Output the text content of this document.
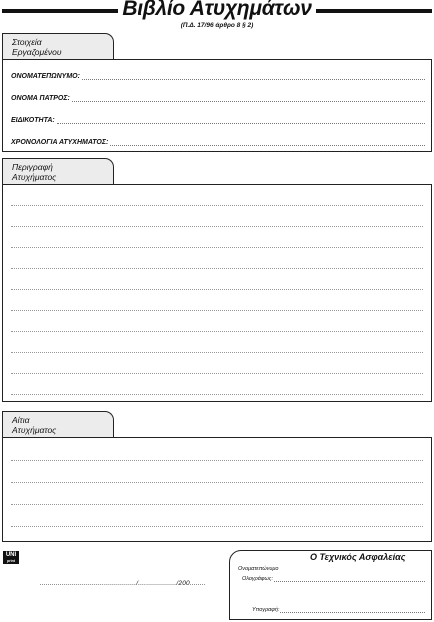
Βιβλίο Ατυχημάτων
(Π.Δ. 17/96 άρθρο 8 § 2)
Στοιχεία
Εργαζομένου
ΟΝΟΜΑΤΕΠΩΝΥΜΟ:
ΟΝΟΜΑ ΠΑΤΡΟΣ:
ΕΙΔΙΚΟΤΗΤΑ:
ΧΡΟΝΟΛΟΓΙΑ ΑΤΥΧΗΜΑΤΟΣ:
Περιγραφή
Ατυχήματος
Αίτια
Ατυχήματος
UNI
print
................................................/.................../200........
Ο Τεχνικός Ασφαλείας
Ονοματεπώνυμο
Ολογράφως:
Υπογραφή:
